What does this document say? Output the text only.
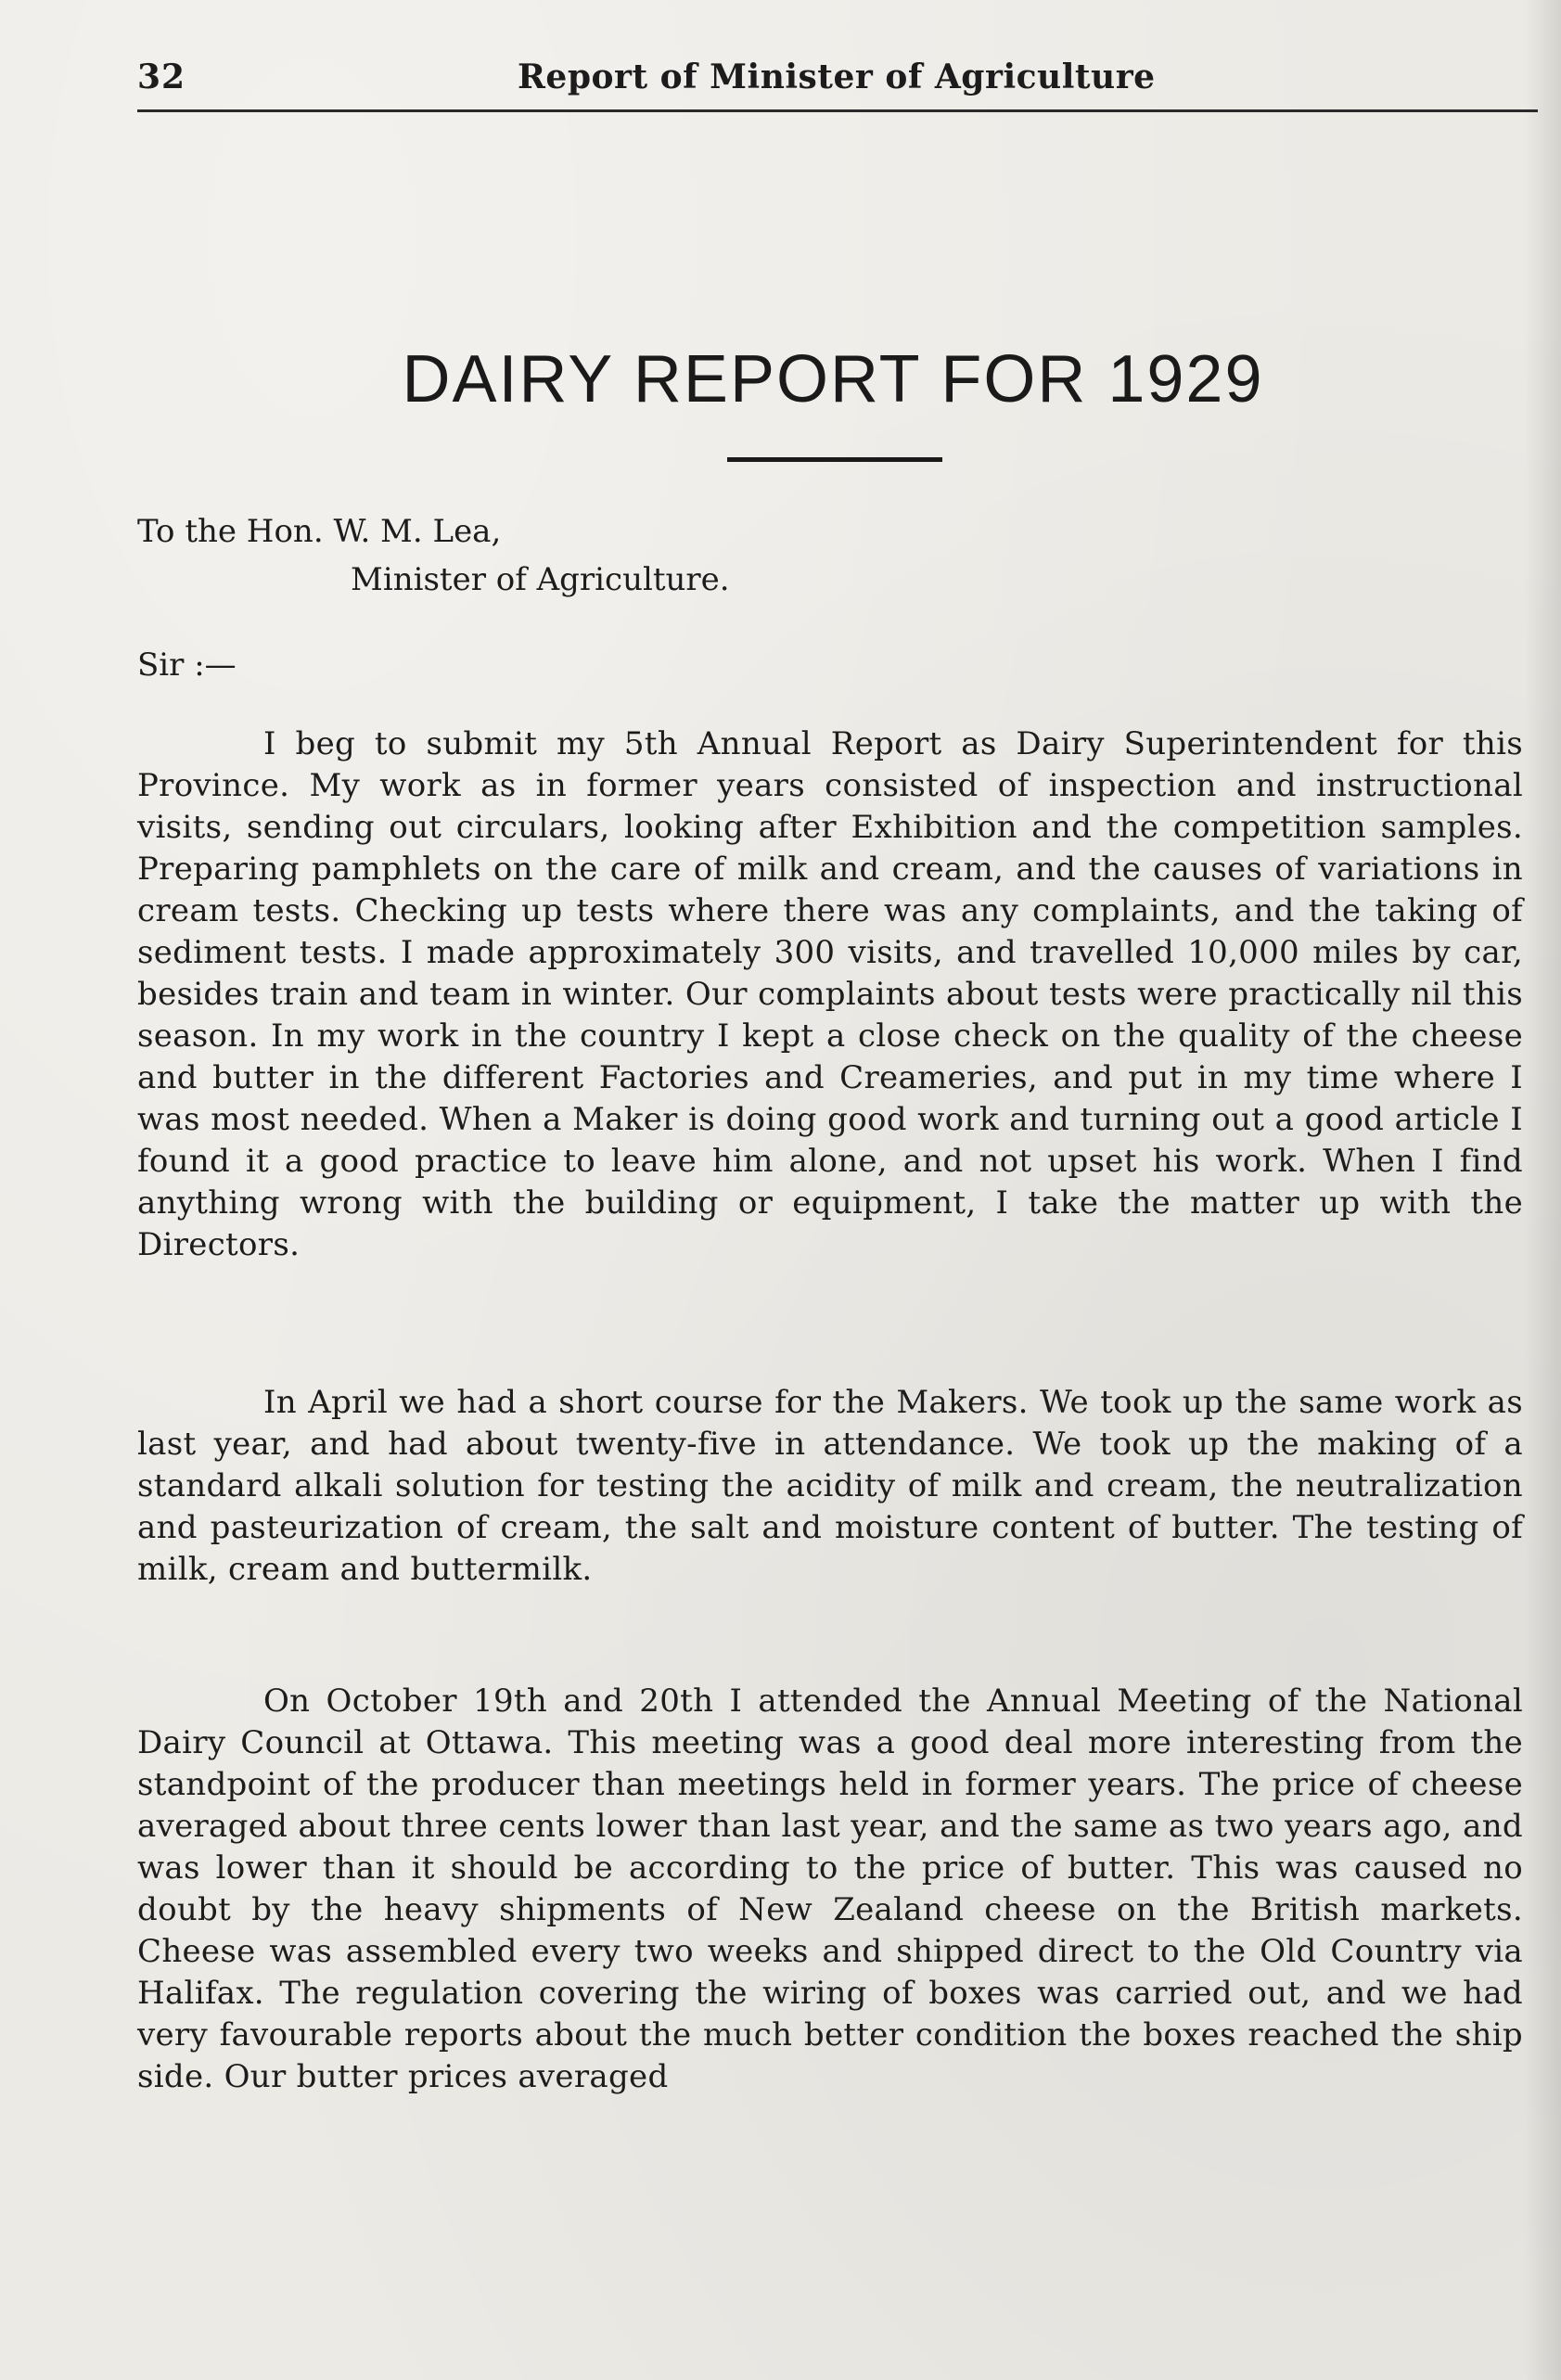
32	Report of Minister of Agriculture
DAIRY REPORT FOR 1929
To the Hon. W. M. Lea,
Minister of Agriculture.
Sir :—

I beg to submit my 5th Annual Report as Dairy Superintendent for this Province. My work as in former years consisted of inspection and instructional visits, sending out circulars, looking after Exhibition and the competition samples. Preparing pamphlets on the care of milk and cream, and the causes of variations in cream tests. Checking up tests where there was any complaints, and the taking of sediment tests. I made approximately 300 visits, and travelled 10,000 miles by car, besides train and team in winter. Our complaints about tests were practically nil this season. In my work in the country I kept a close check on the quality of the cheese and butter in the different Factories and Creameries, and put in my time where I was most needed. When a Maker is doing good work and turning out a good article I found it a good practice to leave him alone, and not upset his work. When I find anything wrong with the building or equipment, I take the matter up with the Directors.

In April we had a short course for the Makers. We took up the same work as last year, and had about twenty-five in attendance. We took up the making of a standard alkali solution for testing the acidity of milk and cream, the neutralization and pasteurization of cream, the salt and moisture content of butter. The testing of milk, cream and buttermilk.

On October 19th and 20th I attended the Annual Meeting of the National Dairy Council at Ottawa. This meeting was a good deal more interesting from the standpoint of the producer than meetings held in former years. The price of cheese averaged about three cents lower than last year, and the same as two years ago, and was lower than it should be according to the price of butter. This was caused no doubt by the heavy shipments of New Zealand cheese on the British markets. Cheese was assembled every two weeks and shipped direct to the Old Country via Halifax. The regulation covering the wiring of boxes was carried out, and we had very favourable reports about the much better condition the boxes reached the ship side. Our butter prices averaged
